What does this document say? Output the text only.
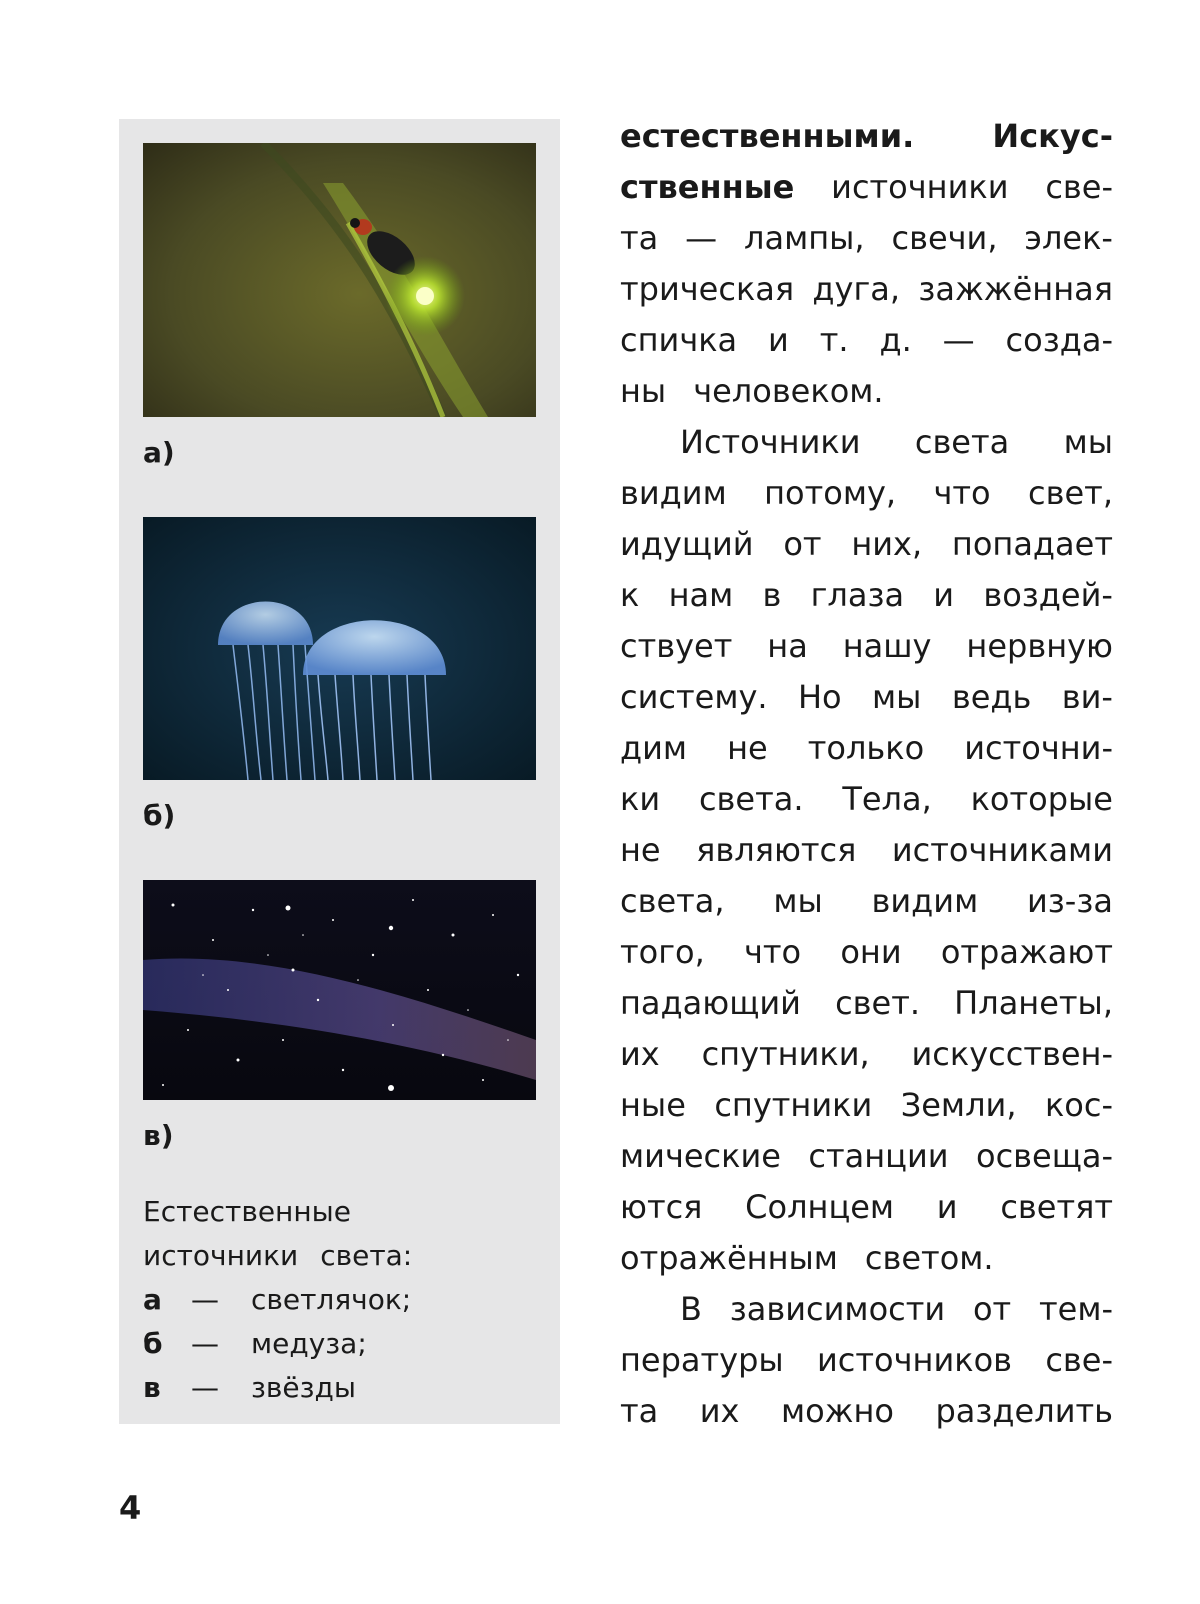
а)
б)
в)
Естественные
источники света:
а — светлячок;
б — медуза;
в — звёзды
естественными. Искус-
ственные источники све-
та — лампы, свечи, элек-
трическая дуга, зажжённая
спичка и т. д. — созда-
ны человеком.
Источники света мы
видим потому, что свет,
идущий от них, попадает
к нам в глаза и воздей-
ствует на нашу нервную
систему. Но мы ведь ви-
дим не только источни-
ки света. Тела, которые
не являются источниками
света, мы видим из-за
того, что они отражают
падающий свет. Планеты,
их спутники, искусствен-
ные спутники Земли, кос-
мические станции освеща-
ются Солнцем и светят
отражённым светом.
В зависимости от тем-
пературы источников све-
та их можно разделить
4
